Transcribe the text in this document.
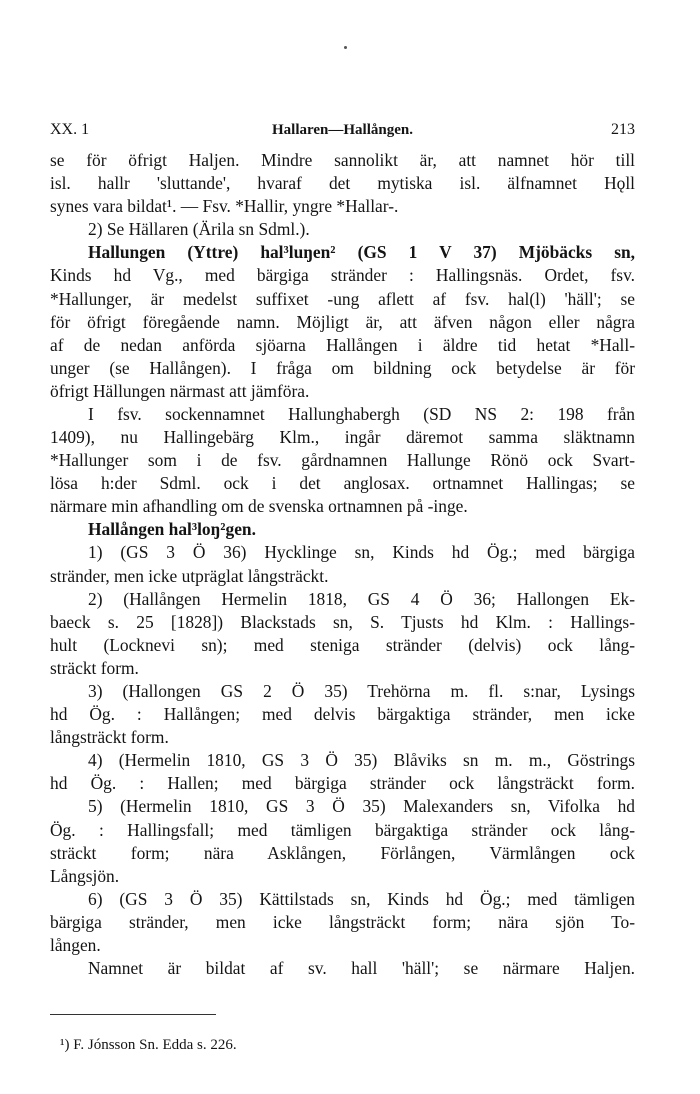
XX. 1	Hallaren—Hallången.	213
se för öfrigt Haljen. Mindre sannolikt är, att namnet hör till
isl. hallr 'sluttande', hvaraf det mytiska isl. älfnamnet Hǫll
synes vara bildat¹. — Fsv. *Hallir, yngre *Hallar-.
2) Se Hällaren (Ärila sn Sdml.).
Hallungen (Yttre) hal³luŋen² (GS 1 V 37) Mjöbäcks sn,
Kinds hd Vg., med bärgiga stränder : Hallingsnäs. Ordet, fsv.
*Hallunger, är medelst suffixet -ung aflett af fsv. hal(l) 'häll'; se
för öfrigt föregående namn. Möjligt är, att äfven någon eller några
af de nedan anförda sjöarna Hallången i äldre tid hetat *Hall-
unger (se Hallången). I fråga om bildning ock betydelse är för
öfrigt Hällungen närmast att jämföra.
I fsv. sockennamnet Hallunghabergh (SD NS 2: 198 från
1409), nu Hallingebärg Klm., ingår däremot samma släktnamn
*Hallunger som i de fsv. gårdnamnen Hallunge Rönö ock Svart-
lösa h:der Sdml. ock i det anglosax. ortnamnet Hallingas; se
närmare min afhandling om de svenska ortnamnen på -inge.
Hallången hal³loŋ²gen.
1) (GS 3 Ö 36) Hycklinge sn, Kinds hd Ög.; med bärgiga
stränder, men icke utpräglat långsträckt.
2) (Hallången Hermelin 1818, GS 4 Ö 36; Hallongen Ek-
baeck s. 25 [1828]) Blackstads sn, S. Tjusts hd Klm. : Hallings-
hult (Locknevi sn); med steniga stränder (delvis) ock lång-
sträckt form.
3) (Hallongen GS 2 Ö 35) Trehörna m. fl. s:nar, Lysings
hd Ög. : Hallången; med delvis bärgaktiga stränder, men icke
långsträckt form.
4) (Hermelin 1810, GS 3 Ö 35) Blåviks sn m. m., Göstrings
hd Ög. : Hallen; med bärgiga stränder ock långsträckt form.
5) (Hermelin 1810, GS 3 Ö 35) Malexanders sn, Vifolka hd
Ög. : Hallingsfall; med tämligen bärgaktiga stränder ock lång-
sträckt form; nära Asklången, Förlången, Värmlången ock
Långsjön.
6) (GS 3 Ö 35) Kättilstads sn, Kinds hd Ög.; med tämligen
bärgiga stränder, men icke långsträckt form; nära sjön To-
lången.
Namnet är bildat af sv. hall 'häll'; se närmare Haljen.
¹) F. Jónsson Sn. Edda s. 226.
